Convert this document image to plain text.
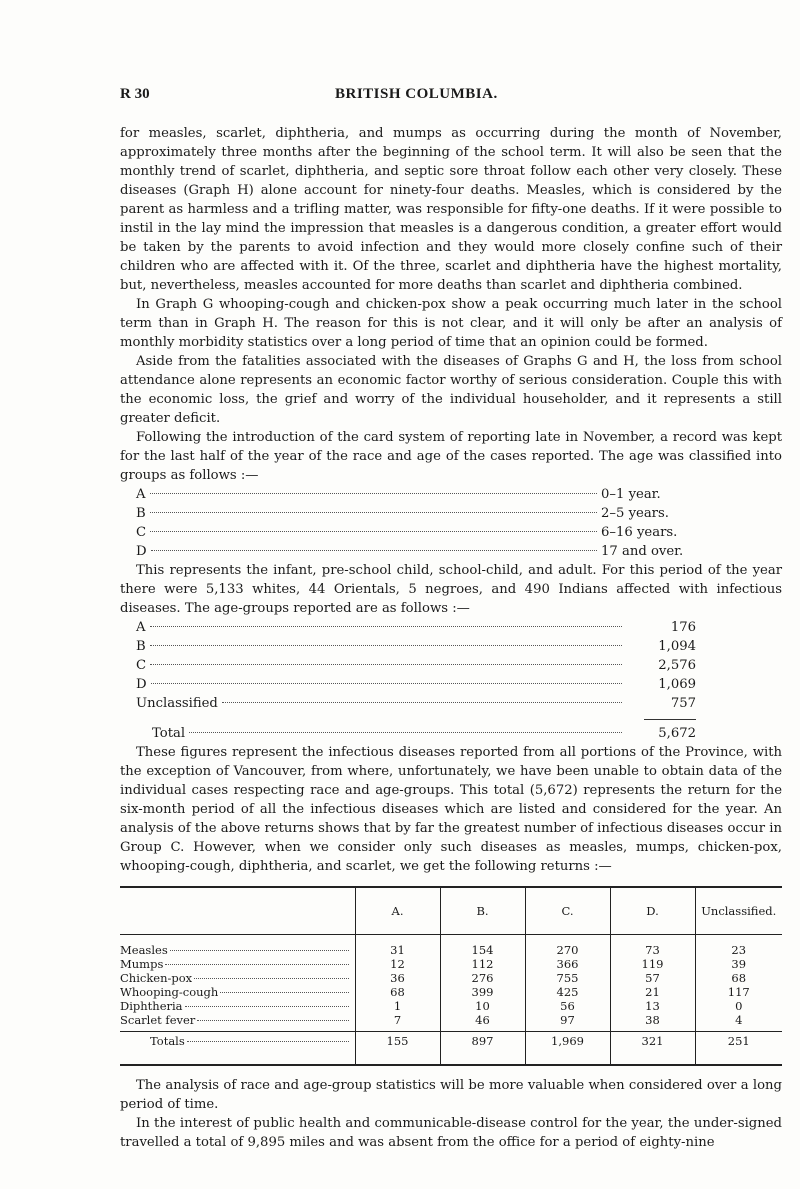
R 30	BRITISH COLUMBIA.

for measles, scarlet, diphtheria, and mumps as occurring during the month of November, approximately three months after the beginning of the school term. It will also be seen that the monthly trend of scarlet, diphtheria, and septic sore throat follow each other very closely. These diseases (Graph H) alone account for ninety-four deaths. Measles, which is considered by the parent as harmless and a trifling matter, was responsible for fifty-one deaths. If it were possible to instil in the lay mind the impression that measles is a dangerous condition, a greater effort would be taken by the parents to avoid infection and they would more closely confine such of their children who are affected with it. Of the three, scarlet and diphtheria have the highest mortality, but, nevertheless, measles accounted for more deaths than scarlet and diphtheria combined.

In Graph G whooping-cough and chicken-pox show a peak occurring much later in the school term than in Graph H. The reason for this is not clear, and it will only be after an analysis of monthly morbidity statistics over a long period of time that an opinion could be formed.

Aside from the fatalities associated with the diseases of Graphs G and H, the loss from school attendance alone represents an economic factor worthy of serious consideration. Couple this with the economic loss, the grief and worry of the individual householder, and it represents a still greater deficit.

Following the introduction of the card system of reporting late in November, a record was kept for the last half of the year of the race and age of the cases reported. The age was classified into groups as follows :—

A	0–1 year.
B	2–5 years.
C	6–16 years.
D	17 and over.

This represents the infant, pre-school child, school-child, and adult. For this period of the year there were 5,133 whites, 44 Orientals, 5 negroes, and 490 Indians affected with infectious diseases. The age-groups reported are as follows :—

A	176
B	1,094
C	2,576
D	1,069
Unclassified	757
Total	5,672

These figures represent the infectious diseases reported from all portions of the Province, with the exception of Vancouver, from where, unfortunately, we have been unable to obtain data of the individual cases respecting race and age-groups. This total (5,672) represents the return for the six-month period of all the infectious diseases which are listed and considered for the year. An analysis of the above returns shows that by far the greatest number of infectious diseases occur in Group C. However, when we consider only such diseases as measles, mumps, chicken-pox, whooping-cough, diphtheria, and scarlet, we get the following returns :—

	A.	B.	C.	D.	Unclassified.

Measles	31	154	270	73	23

Mumps	12	112	366	119	39

Chicken-pox	36	276	755	57	68

Whooping-cough	68	399	425	21	117

Diphtheria	1	10	56	13	0

Scarlet fever	7	46	97	38	4

Totals	155	897	1,969	321	251

The analysis of race and age-group statistics will be more valuable when considered over a long period of time.

In the interest of public health and communicable-disease control for the year, the under-signed travelled a total of 9,895 miles and was absent from the office for a period of eighty-nine
